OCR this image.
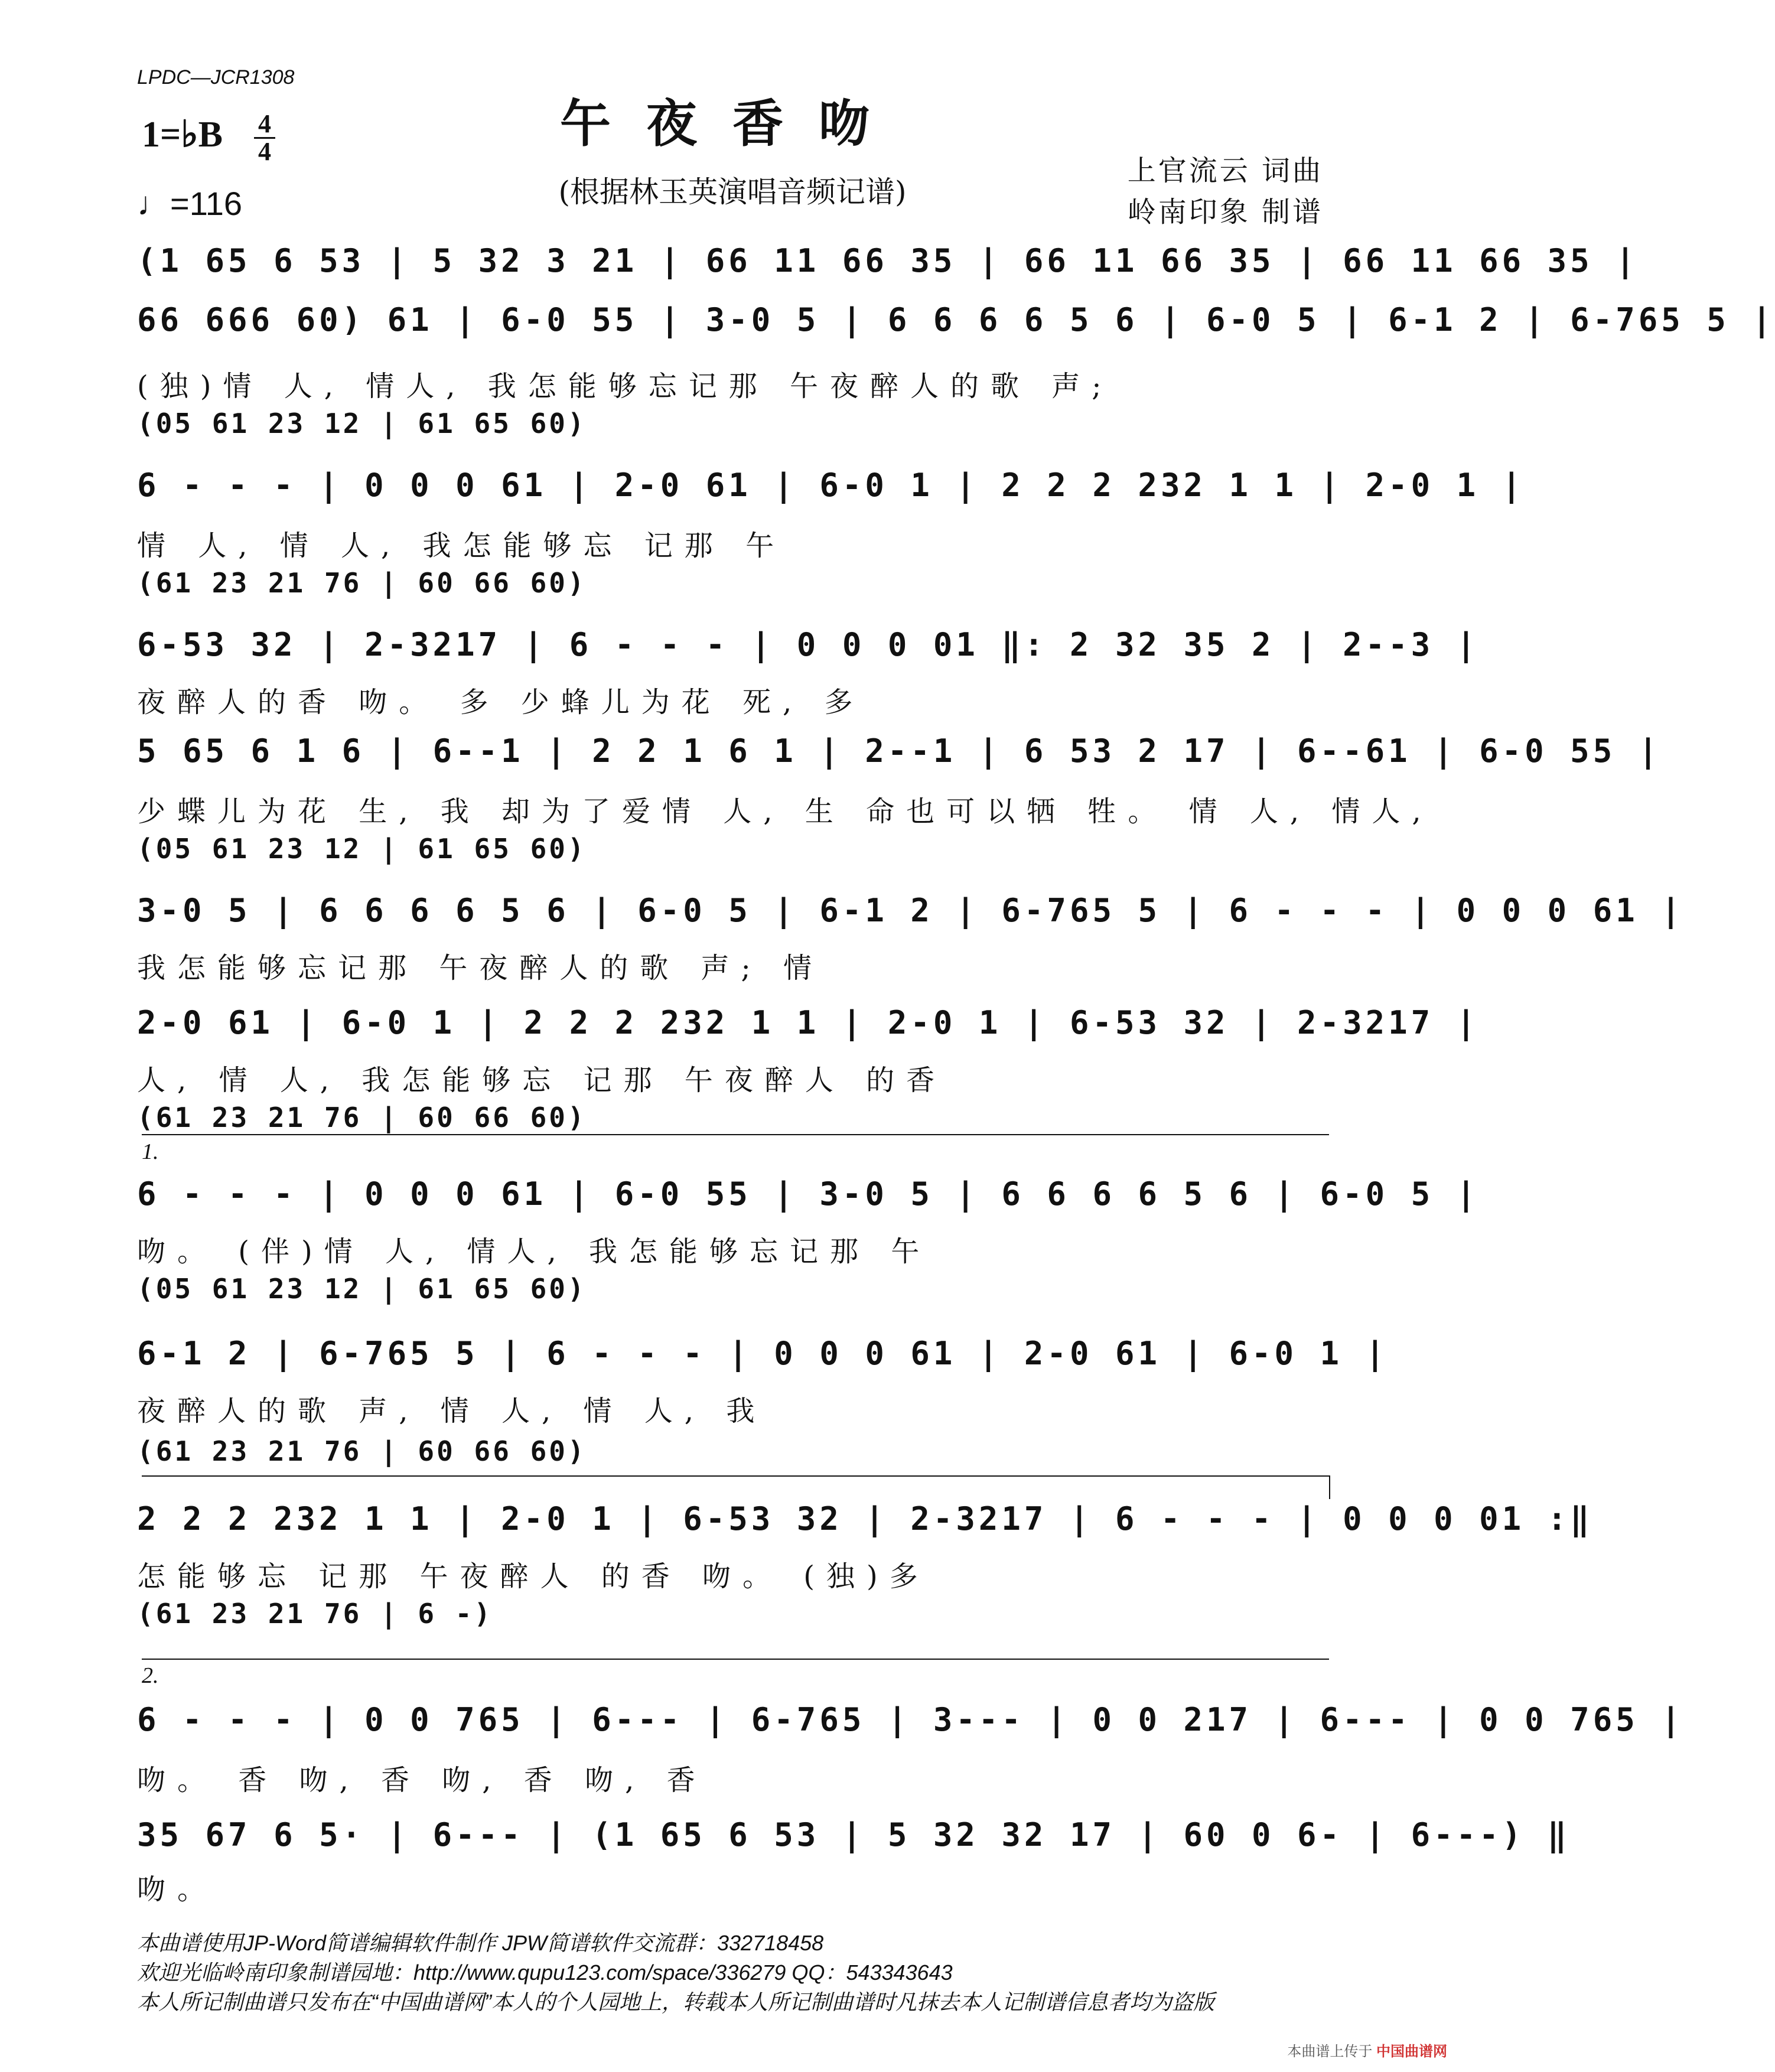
LPDC—JCR1308
午夜香吻
(根据林玉英演唱音频记谱)
1=♭B 4
4
♩=116
上官流云 词曲
岭南印象 制谱
(1 65 6 53 | 5 32 3 21 | 66 11 66 35 | 66 11 66 35 | 66 11 66 35 |
66 666 60) 61 | 6-0 55 | 3-0 5 | 6 6 6 6 5 6 | 6-0 5 | 6-1 2 | 6-765 5 |
(独)情 人, 情人, 我怎能够忘记那 午夜醉人的歌 声;
(05 61 23 12 | 61 65 60)
6 - - - | 0 0 0 61 | 2-0 61 | 6-0 1 | 2 2 2 232 1 1 | 2-0 1 |
情 人, 情 人, 我怎能够忘 记那 午
(61 23 21 76 | 60 66 60)
6-53 32 | 2-3217 | 6 - - - | 0 0 0 01 ‖: 2 32 35 2 | 2--3 |
夜醉人的香 吻。 多 少蜂儿为花 死, 多
5 65 6 1 6 | 6--1 | 2 2 1 6 1 | 2--1 | 6 53 2 17 | 6--61 | 6-0 55 |
少蝶儿为花 生, 我 却为了爱情 人, 生 命也可以牺 牲。 情 人, 情人,
(05 61 23 12 | 61 65 60)
3-0 5 | 6 6 6 6 5 6 | 6-0 5 | 6-1 2 | 6-765 5 | 6 - - - | 0 0 0 61 |
我怎能够忘记那 午夜醉人的歌 声; 情
2-0 61 | 6-0 1 | 2 2 2 232 1 1 | 2-0 1 | 6-53 32 | 2-3217 |
人, 情 人, 我怎能够忘 记那 午夜醉人 的香
(61 23 21 76 | 60 66 60)
6 - - - | 0 0 0 61 | 6-0 55 | 3-0 5 | 6 6 6 6 5 6 | 6-0 5 |
吻。 (伴)情 人, 情人, 我怎能够忘记那 午
(05 61 23 12 | 61 65 60)
6-1 2 | 6-765 5 | 6 - - - | 0 0 0 61 | 2-0 61 | 6-0 1 |
夜醉人的歌 声, 情 人, 情 人, 我
(61 23 21 76 | 60 66 60)
2 2 2 232 1 1 | 2-0 1 | 6-53 32 | 2-3217 | 6 - - - | 0 0 0 01 :‖
怎能够忘 记那 午夜醉人 的香 吻。 (独)多
(61 23 21 76 | 6 -)
6 - - - | 0 0 765 | 6--- | 6-765 | 3--- | 0 0 217 | 6--- | 0 0 765 |
吻。 香 吻, 香 吻, 香 吻, 香
35 67 6 5· | 6--- | (1 65 6 53 | 5 32 32 17 | 60 0 6- | 6---) ‖
吻。
1.
2.
本曲谱使用JP-Word简谱编辑软件制作 JPW简谱软件交流群：332718458
欢迎光临岭南印象制谱园地：http://www.qupu123.com/space/336279 QQ：543343643
本人所记制曲谱只发布在“中国曲谱网”本人的个人园地上，转载本人所记制曲谱时凡抹去本人记制谱信息者均为盗版
本曲谱上传于 中国曲谱网
